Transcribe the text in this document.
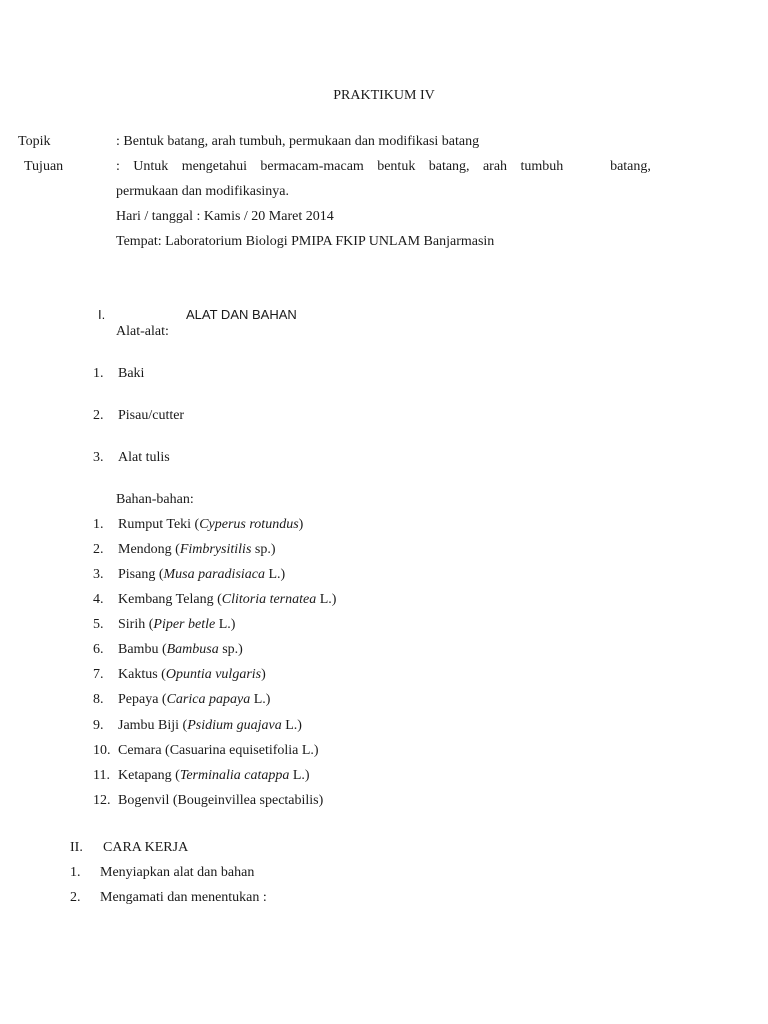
PRAKTIKUM IV
Topik	: Bentuk batang, arah tumbuh, permukaan dan modifikasi batang
Tujuan	: Untuk mengetahui bermacam-macam bentuk batang, arah tumbuh	batang,
permukaan dan modifikasinya.
Hari / tanggal : Kamis / 20 Maret 2014
Tempat: Laboratorium Biologi PMIPA FKIP UNLAM Banjarmasin
I.	ALAT DAN BAHAN
Alat-alat:
1. Baki
2. Pisau/cutter
3. Alat tulis
Bahan-bahan:
1. Rumput Teki (Cyperus rotundus)
2. Mendong (Fimbrysitilis sp.)
3. Pisang (Musa paradisiaca L.)
4. Kembang Telang (Clitoria ternatea L.)
5. Sirih (Piper betle L.)
6. Bambu (Bambusa sp.)
7. Kaktus (Opuntia vulgaris)
8. Pepaya (Carica papaya L.)
9. Jambu Biji (Psidium guajava L.)
10. Cemara (Casuarina equisetifolia L.)
11. Ketapang (Terminalia catappa L.)
12. Bogenvil (Bougeinvillea spectabilis)
II. CARA KERJA
1. Menyiapkan alat dan bahan
2. Mengamati dan menentukan :
